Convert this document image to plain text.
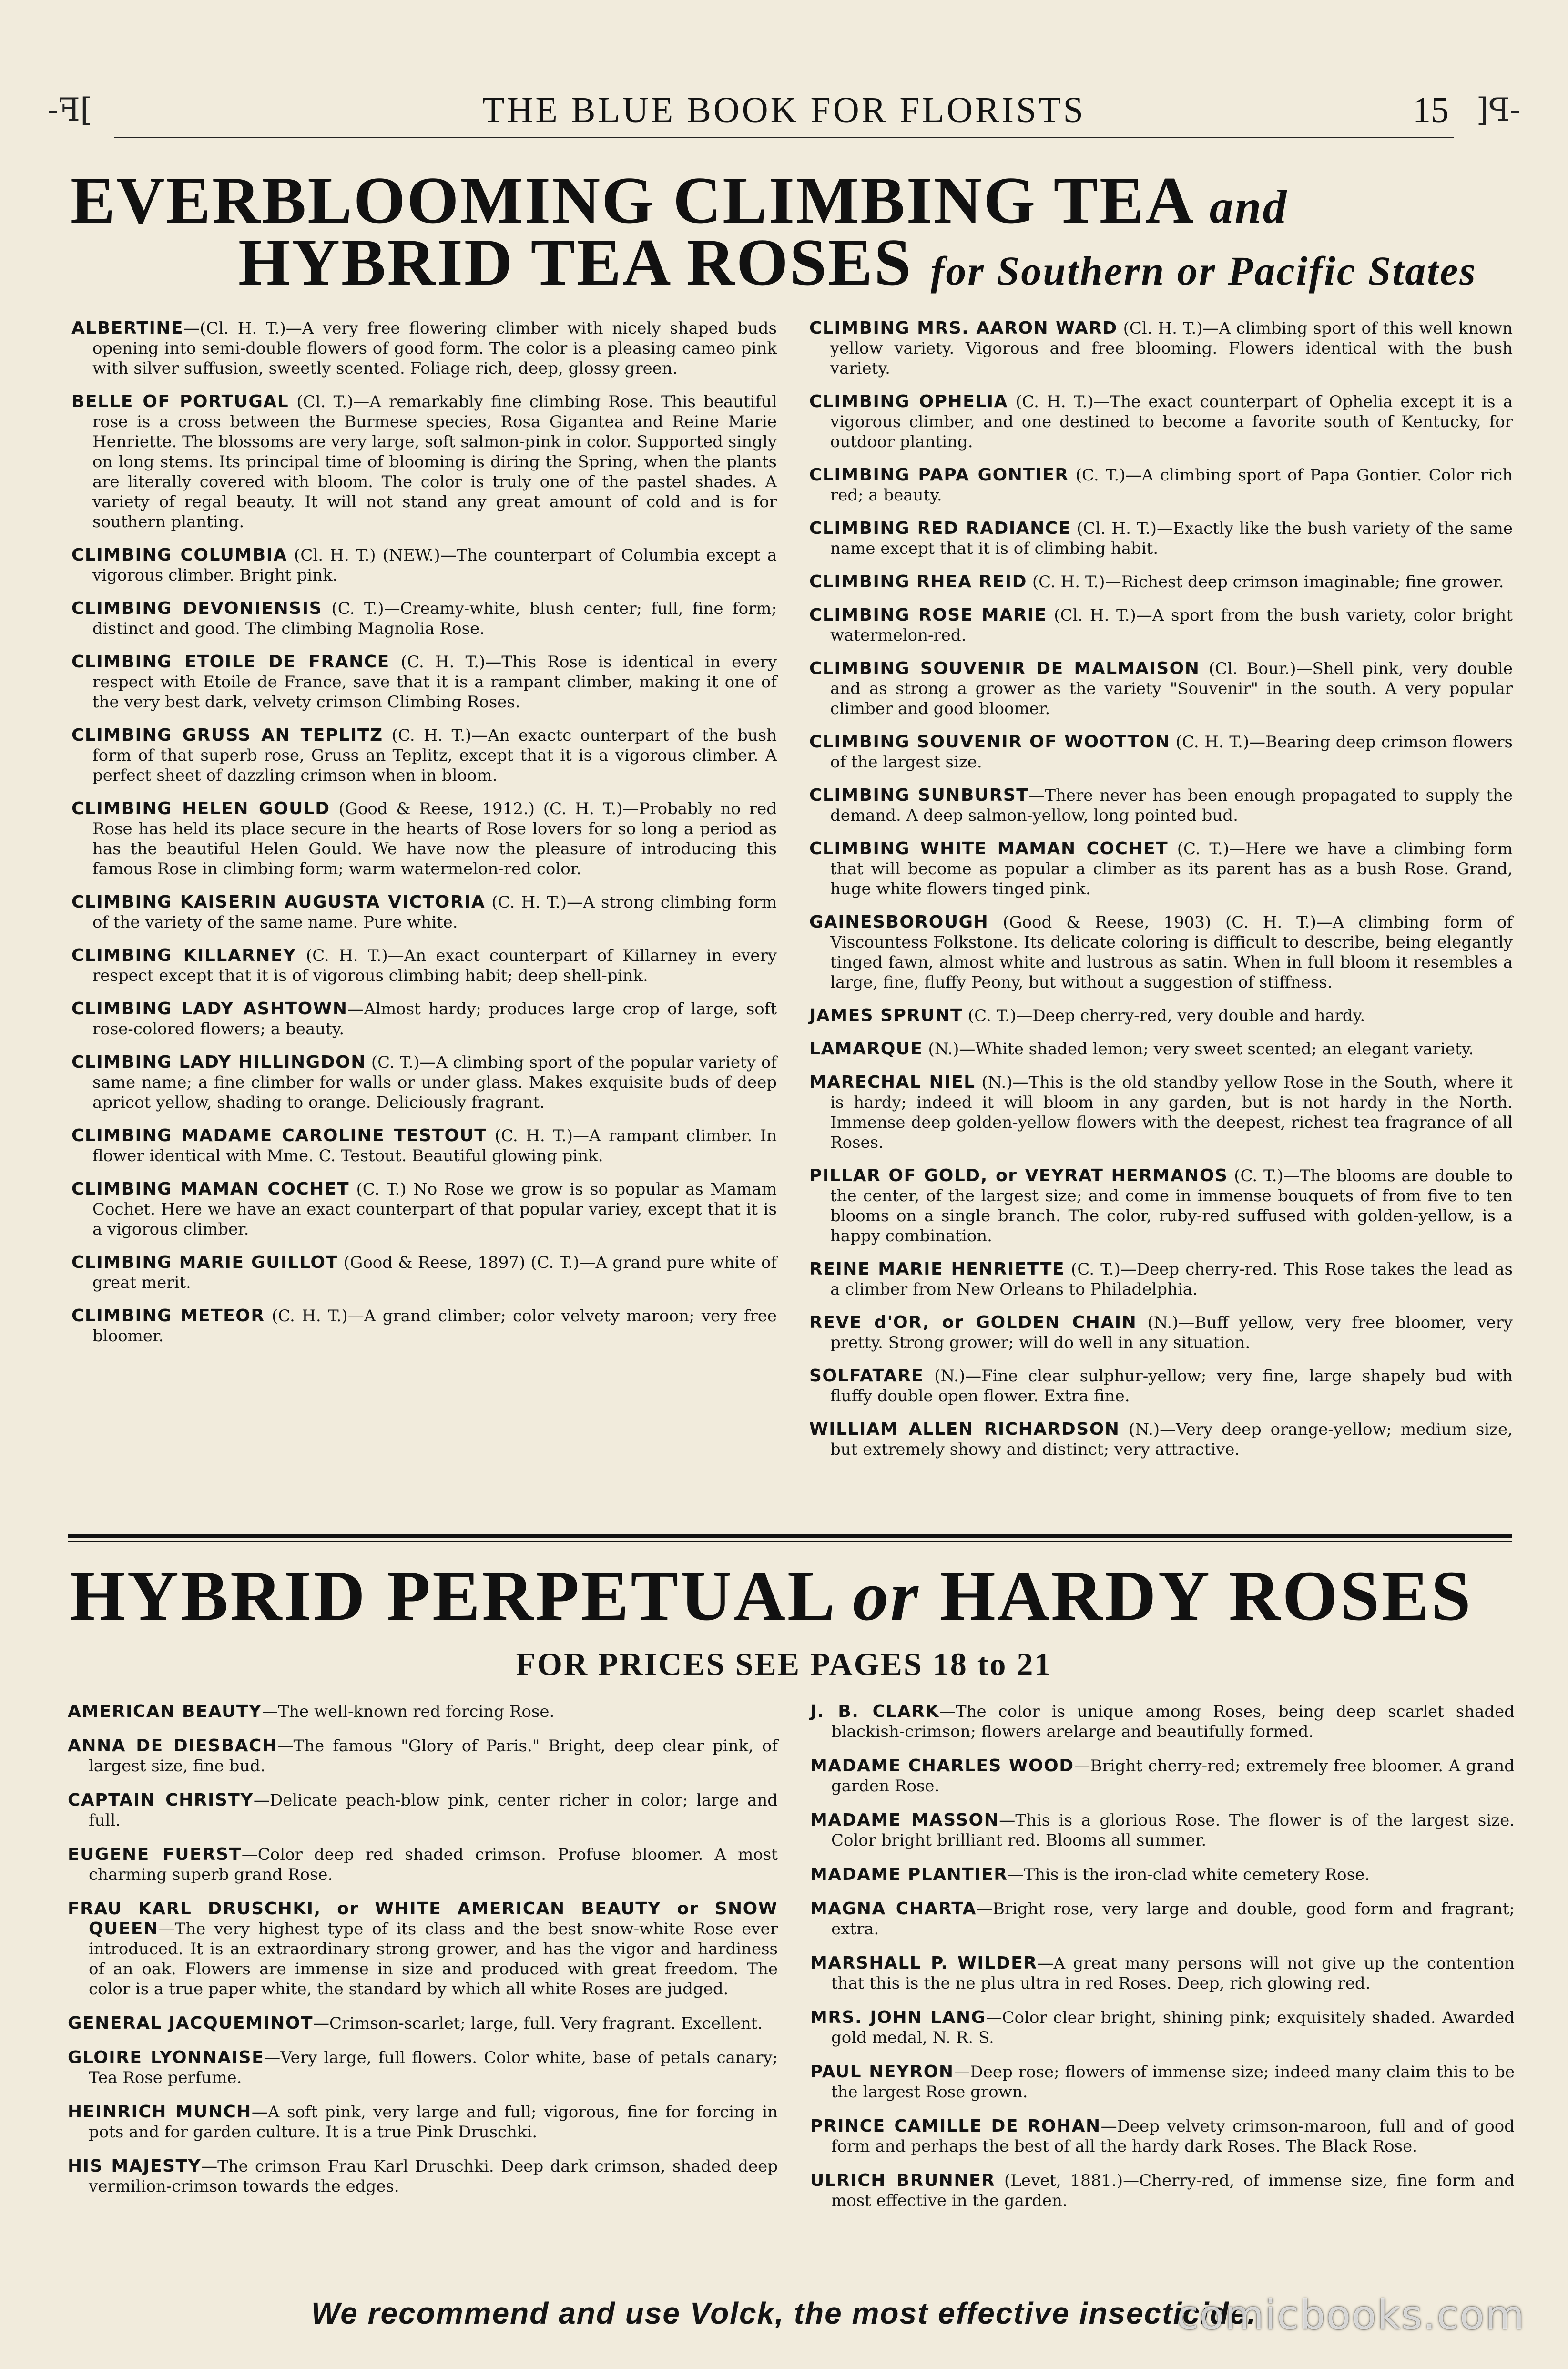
-ꟻ[	THE BLUE BOOK FOR FLORISTS	15 ]ꟼ-
EVERBLOOMING CLIMBING TEA and
HYBRID TEA ROSES for Southern or Pacific States
ALBERTINE—(Cl. H. T.)—A very free flowering climber with nicely shaped buds opening into semi-double flowers of good form. The color is a pleasing cameo pink with silver suffusion, sweetly scented. Foliage rich, deep, glossy green.
BELLE OF PORTUGAL (Cl. T.)—A remarkably fine climbing Rose. This beautiful rose is a cross between the Burmese species, Rosa Gigantea and Reine Marie Henriette. The blossoms are very large, soft salmon-pink in color. Supported singly on long stems. Its principal time of blooming is diring the Spring, when the plants are literally covered with bloom. The color is truly one of the pastel shades. A variety of regal beauty. It will not stand any great amount of cold and is for southern planting.
CLIMBING COLUMBIA (Cl. H. T.) (NEW.)—The counterpart of Columbia except a vigorous climber. Bright pink.
CLIMBING DEVONIENSIS (C. T.)—Creamy-white, blush center; full, fine form; distinct and good. The climbing Magnolia Rose.
CLIMBING ETOILE DE FRANCE (C. H. T.)—This Rose is identical in every respect with Etoile de France, save that it is a rampant climber, making it one of the very best dark, velvety crimson Climbing Roses.
CLIMBING GRUSS AN TEPLITZ (C. H. T.)—An exactc ounterpart of the bush form of that superb rose, Gruss an Teplitz, except that it is a vigorous climber. A perfect sheet of dazzling crimson when in bloom.
CLIMBING HELEN GOULD (Good & Reese, 1912.) (C. H. T.)—Probably no red Rose has held its place secure in the hearts of Rose lovers for so long a period as has the beautiful Helen Gould. We have now the pleasure of introducing this famous Rose in climbing form; warm watermelon-red color.
CLIMBING KAISERIN AUGUSTA VICTORIA (C. H. T.)—A strong climbing form of the variety of the same name. Pure white.
CLIMBING KILLARNEY (C. H. T.)—An exact counterpart of Killarney in every respect except that it is of vigorous climbing habit; deep shell-pink.
CLIMBING LADY ASHTOWN—Almost hardy; produces large crop of large, soft rose-colored flowers; a beauty.
CLIMBING LADY HILLINGDON (C. T.)—A climbing sport of the popular variety of same name; a fine climber for walls or under glass. Makes exquisite buds of deep apricot yellow, shading to orange. Deliciously fragrant.
CLIMBING MADAME CAROLINE TESTOUT (C. H. T.)—A rampant climber. In flower identical with Mme. C. Testout. Beautiful glowing pink.
CLIMBING MAMAN COCHET (C. T.) No Rose we grow is so popular as Mamam Cochet. Here we have an exact counterpart of that popular variey, except that it is a vigorous climber.
CLIMBING MARIE GUILLOT (Good & Reese, 1897) (C. T.)—A grand pure white of great merit.
CLIMBING METEOR (C. H. T.)—A grand climber; color velvety maroon; very free bloomer.
CLIMBING MRS. AARON WARD (Cl. H. T.)—A climbing sport of this well known yellow variety. Vigorous and free blooming. Flowers identical with the bush variety.
CLIMBING OPHELIA (C. H. T.)—The exact counterpart of Ophelia except it is a vigorous climber, and one destined to become a favorite south of Kentucky, for outdoor planting.
CLIMBING PAPA GONTIER (C. T.)—A climbing sport of Papa Gontier. Color rich red; a beauty.
CLIMBING RED RADIANCE (Cl. H. T.)—Exactly like the bush variety of the same name except that it is of climbing habit.
CLIMBING RHEA REID (C. H. T.)—Richest deep crimson imaginable; fine grower.
CLIMBING ROSE MARIE (Cl. H. T.)—A sport from the bush variety, color bright watermelon-red.
CLIMBING SOUVENIR DE MALMAISON (Cl. Bour.)—Shell pink, very double and as strong a grower as the variety "Souvenir" in the south. A very popular climber and good bloomer.
CLIMBING SOUVENIR OF WOOTTON (C. H. T.)—Bearing deep crimson flowers of the largest size.
CLIMBING SUNBURST—There never has been enough propagated to supply the demand. A deep salmon-yellow, long pointed bud.
CLIMBING WHITE MAMAN COCHET (C. T.)—Here we have a climbing form that will become as popular a climber as its parent has as a bush Rose. Grand, huge white flowers tinged pink.
GAINESBOROUGH (Good & Reese, 1903) (C. H. T.)—A climbing form of Viscountess Folkstone. Its delicate coloring is difficult to describe, being elegantly tinged fawn, almost white and lustrous as satin. When in full bloom it resembles a large, fine, fluffy Peony, but without a suggestion of stiffness.
JAMES SPRUNT (C. T.)—Deep cherry-red, very double and hardy.
LAMARQUE (N.)—White shaded lemon; very sweet scented; an elegant variety.
MARECHAL NIEL (N.)—This is the old standby yellow Rose in the South, where it is hardy; indeed it will bloom in any garden, but is not hardy in the North. Immense deep golden-yellow flowers with the deepest, richest tea fragrance of all Roses.
PILLAR OF GOLD, or VEYRAT HERMANOS (C. T.)—The blooms are double to the center, of the largest size; and come in immense bouquets of from five to ten blooms on a single branch. The color, ruby-red suffused with golden-yellow, is a happy combination.
REINE MARIE HENRIETTE (C. T.)—Deep cherry-red. This Rose takes the lead as a climber from New Orleans to Philadelphia.
REVE d'OR, or GOLDEN CHAIN (N.)—Buff yellow, very free bloomer, very pretty. Strong grower; will do well in any situation.
SOLFATARE (N.)—Fine clear sulphur-yellow; very fine, large shapely bud with fluffy double open flower. Extra fine.
WILLIAM ALLEN RICHARDSON (N.)—Very deep orange-yellow; medium size, but extremely showy and distinct; very attractive.
HYBRID PERPETUAL or HARDY ROSES
FOR PRICES SEE PAGES 18 to 21
AMERICAN BEAUTY—The well-known red forcing Rose.
ANNA DE DIESBACH—The famous "Glory of Paris." Bright, deep clear pink, of largest size, fine bud.
CAPTAIN CHRISTY—Delicate peach-blow pink, center richer in color; large and full.
EUGENE FUERST—Color deep red shaded crimson. Profuse bloomer. A most charming superb grand Rose.
FRAU KARL DRUSCHKI, or WHITE AMERICAN BEAUTY or SNOW QUEEN—The very highest type of its class and the best snow-white Rose ever introduced. It is an extraordinary strong grower, and has the vigor and hardiness of an oak. Flowers are immense in size and produced with great freedom. The color is a true paper white, the standard by which all white Roses are judged.
GENERAL JACQUEMINOT—Crimson-scarlet; large, full. Very fragrant. Excellent.
GLOIRE LYONNAISE—Very large, full flowers. Color white, base of petals canary; Tea Rose perfume.
HEINRICH MUNCH—A soft pink, very large and full; vigorous, fine for forcing in pots and for garden culture. It is a true Pink Druschki.
HIS MAJESTY—The crimson Frau Karl Druschki. Deep dark crimson, shaded deep vermilion-crimson towards the edges.
J. B. CLARK—The color is unique among Roses, being deep scarlet shaded blackish-crimson; flowers arelarge and beautifully formed.
MADAME CHARLES WOOD—Bright cherry-red; extremely free bloomer. A grand garden Rose.
MADAME MASSON—This is a glorious Rose. The flower is of the largest size. Color bright brilliant red. Blooms all summer.
MADAME PLANTIER—This is the iron-clad white cemetery Rose.
MAGNA CHARTA—Bright rose, very large and double, good form and fragrant; extra.
MARSHALL P. WILDER—A great many persons will not give up the contention that this is the ne plus ultra in red Roses. Deep, rich glowing red.
MRS. JOHN LANG—Color clear bright, shining pink; exquisitely shaded. Awarded gold medal, N. R. S.
PAUL NEYRON—Deep rose; flowers of immense size; indeed many claim this to be the largest Rose grown.
PRINCE CAMILLE DE ROHAN—Deep velvety crimson-maroon, full and of good form and perhaps the best of all the hardy dark Roses. The Black Rose.
ULRICH BRUNNER (Levet, 1881.)—Cherry-red, of immense size, fine form and most effective in the garden.
We recommend and use Volck, the most effective insecticide.
comicbooks.com
